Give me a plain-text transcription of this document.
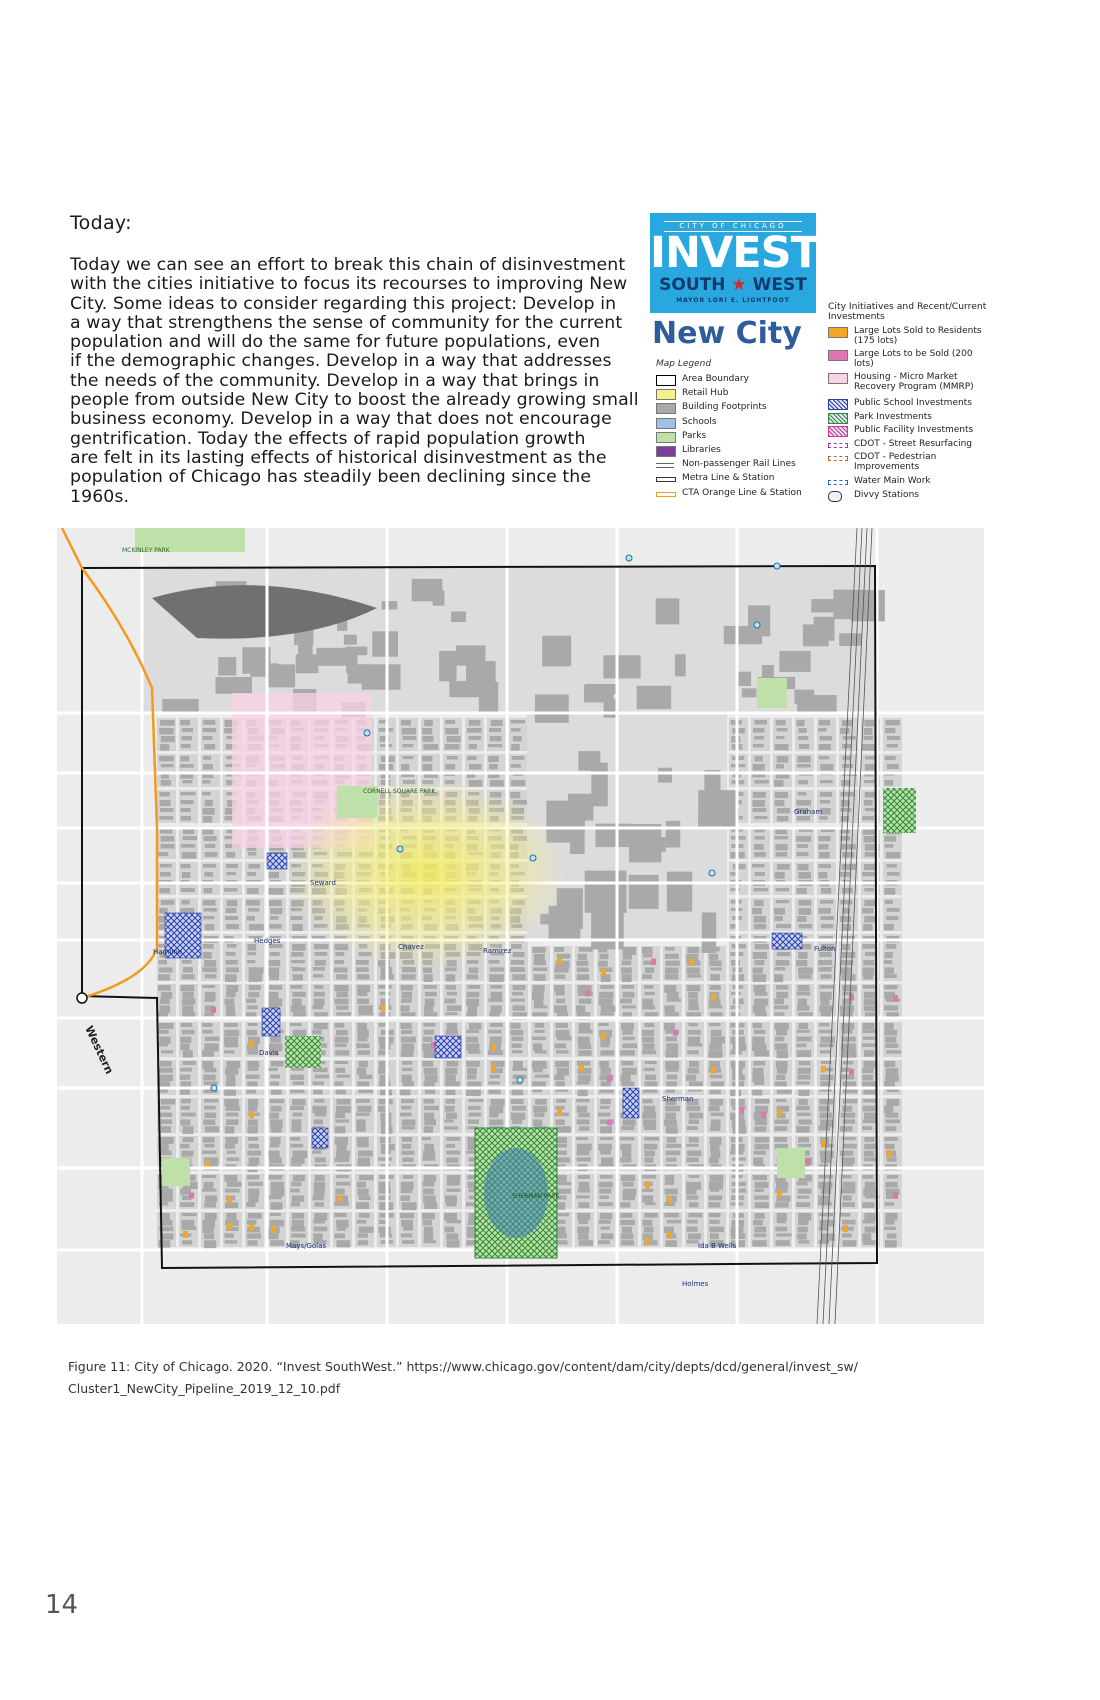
Today:
Today we can see an effort to break this chain of disinvestment
with the cities initiative to focus its recourses to improving New
City. Some ideas to consider regarding this project: Develop in
a way that strengthens the sense of community for the current
population and will do the same for future populations, even
if the demographic changes. Develop in a way that addresses
the needs of the community. Develop in a way that brings in
people from outside New City to boost the already growing small
business economy. Develop in a way that does not encourage
gentrification. Today the effects of rapid population growth
are felt in its lasting effects of historical disinvestment as the
population of Chicago has steadily been declining since the
1960s.
CITY OF CHICAGO
INVEST
SOUTH ★ WEST
MAYOR LORI E. LIGHTFOOT
New City
Map Legend
Area Boundary
Retail Hub
Building Footprints
Schools
Parks
Libraries
Non-passenger Rail Lines
Metra Line & Station
CTA Orange Line & Station
City Initiatives and Recent/Current Investments
Large Lots Sold to Residents (175 lots)
Large Lots to be Sold (200 lots)
Housing - Micro Market Recovery Program (MMRP)
Public School Investments
Park Investments
Public Facility Investments
CDOT - Street Resurfacing
CDOT - Pedestrian Improvements
Water Main Work
Divvy Stations
Western
MCKINLEY PARK
SHERMAN PARK
CORNELL SQUARE PARK
Graham
Chavez	Ramirez
Hedges
Seward
Davis
Sherman
Fulton
Mays/Golas	Ida B Wells
Holmes
Hamline
Figure 11: City of Chicago. 2020. “Invest SouthWest.” https://www.chicago.gov/content/dam/city/depts/dcd/general/invest_sw/
Cluster1_NewCity_Pipeline_2019_12_10.pdf
14
